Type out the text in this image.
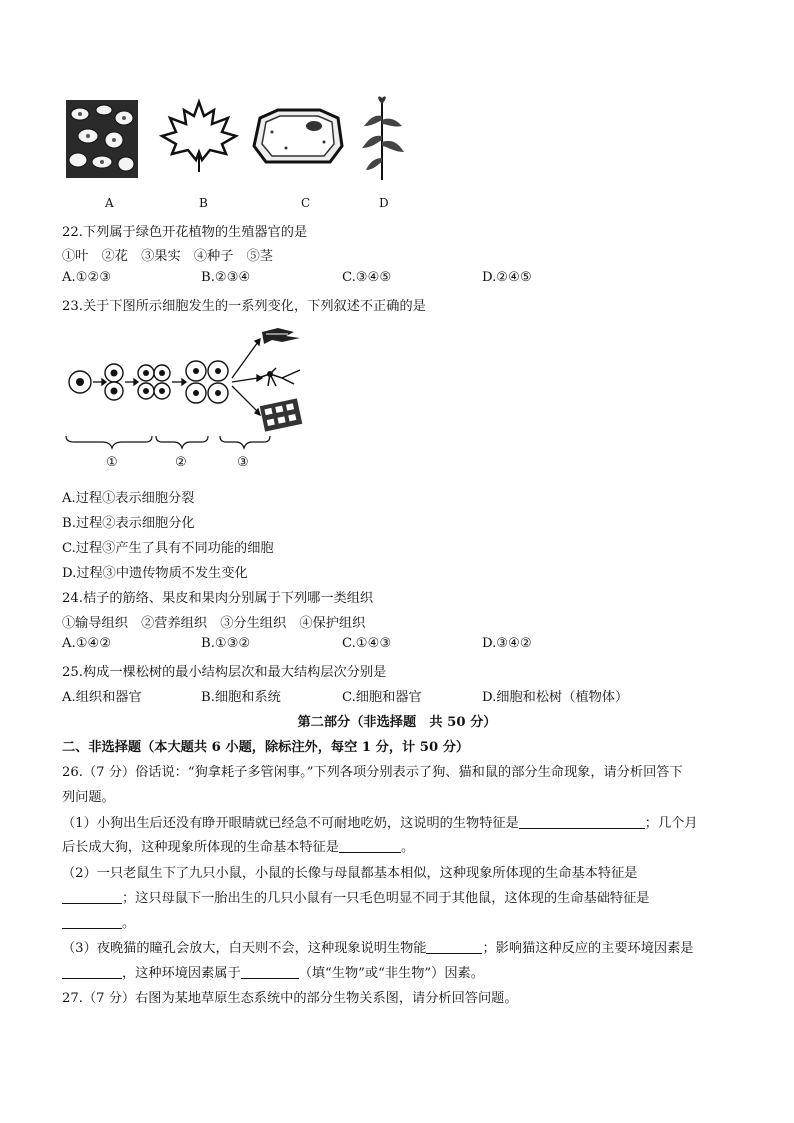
A	B	C	D
22.下列属于绿色开花植物的生殖器官的是
①叶　②花　③果实　④种子　⑤茎
A.①②③	B.②③④	C.③④⑤	D.②④⑤
23.关于下图所示细胞发生的一系列变化，下列叙述不正确的是
①	②	③
A.过程①表示细胞分裂
B.过程②表示细胞分化
C.过程③产生了具有不同功能的细胞
D.过程③中遗传物质不发生变化
24.桔子的筋络、果皮和果肉分别属于下列哪一类组织
①输导组织　②营养组织　③分生组织　④保护组织
A.①④②	B.①③②	C.①④③	D.③④②
25.构成一棵松树的最小结构层次和最大结构层次分别是
A.组织和器官	B.细胞和系统	C.细胞和器官	D.细胞和松树（植物体）
第二部分（非选择题　共 50 分）
二、非选择题（本大题共 6 小题，除标注外，每空 1 分，计 50 分）
26.（7 分）俗话说：“狗拿耗子多管闲事。”下列各项分别表示了狗、猫和鼠的部分生命现象，请分析回答下
列问题。
（1）小狗出生后还没有睁开眼睛就已经急不可耐地吃奶，这说明的生物特征是	；几个月
后长成大狗，这种现象所体现的生命基本特征是	。
（2）一只老鼠生下了九只小鼠，小鼠的长像与母鼠都基本相似，这种现象所体现的生命基本特征是
；这只母鼠下一胎出生的几只小鼠有一只毛色明显不同于其他鼠，这体现的生命基础特征是
。
（3）夜晚猫的瞳孔会放大，白天则不会，这种现象说明生物能	；影响猫这种反应的主要环境因素是
，这种环境因素属于	（填“生物”或“非生物”）因素。
27.（7 分）右图为某地草原生态系统中的部分生物关系图，请分析回答问题。
